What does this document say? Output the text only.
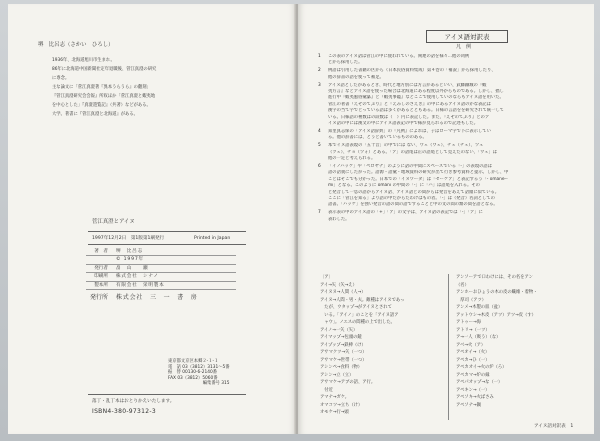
堺　比呂志（さかい　ひろし）
1936年、北海道旭川市生まれ。
86年に北海道中国新聞社定年退職後、菅江真澄の研究
に専念。
主な論文に「菅江真澄著『異本うらうら』の翻刻」
『菅江真澄研究会会報』所収ほか「菅江真澄と蝦夷地
を中心とした」『真澄遊覧記』（共著）などがある。
大学。著書に『菅江真澄と北海道』がある。
菅江真澄とアイヌ
1997年12月2日　第1版第1刷発行	Printed in Japan
著　者	堺　比呂志
© 1997年
発行者	畠　山　　瀬
印刷所	株式会社　シナノ
製本所	有限会社　栄明製本
発行所	株式会社　三　一　書　房
東京都文京区本郷２-１-１
電　話 03（3812）3131〜5番
振　替 00130-6-2140番
FAX 03（3812）5060番
編集番号 315
落丁・乱丁本はおとりかえいたします。
ISBN4-380-97312-3
アイヌ語対訳表
凡　例
1 この表のアイヌ語は菅江の中に使われている。関連の語を様々...他の词例
とから採用した。
2 例語は引用した書籍の区から（日本民俗資料集成）第４巻の「補説」から採用したり、
他の辞書の語を使って補足。
3 アイヌ語としたがあるとき、時代と地方別には方言があるといい、武藤鐵城の『蝦
夷方言』などアイヌ語を使った場合は北海道にある程度以外からものである。しかし、拙し
進行中『蝦夷風俗彙纂』と『蝦夷事鑑』などここで使用していのならもアイヌ語を用いた。
菅江の著書『えぞのてぶり』と『えみしのさえき』の中にあるアイヌ語のかな表記は
漢字の当て字でとっている語は多くがあるとともある。日様の言語をを研究されて統一して
いる。日様語の複数はの段数は（　）内に表記した。また、『えぞのてぶり』とのア
イヌ語の中には漢文の中にアイヌ語表記の中で様が見られるので記述もした。
4 知里真志保の「アイヌ語辞典」の『凡例』によれば、子はローマ字で下に表示してい
る。他の辞書には、とうと書いているもののある。
5 本でイヌ語表現の「五十音」の中でには ない、ウェ（ウェ）、チェ（チェ）、ツェ
（ツェ）、チョ（ツォ）とある。「ア」の語尾は正の語尾として見えたのない、「ウェ」は
他の一定と考えられる。
6 「イノハッケ」や「ペロヤナ」のように語の中間にスペースでいる「-」の表現の語は
語の語義にしたがった。語源・語彙・地域資料の研究が出て行き参考資料と提示。しかし、中
ことはそこでも分かった。日本での「イヌワーダ」は「セーケア」と表記するう「- omane--
mi」となる。このように omani の中間の「-」に「ハ」は語尾を入れる。その
と発音して一息の語からアイヌ語、アイヌ語との間からは発音をあえて語頭に似ている。
ここに「菅江を知る」より語の中だからたわけはもの者。「-」は（発音）名詞としての
語書。「ハッケ」を強い発音の語の間の語ですることと中の文の間の類の間を語となる。
7 表示表の中のアイヌ語の「+」「ア」の文字は、アイヌ語の表記では「-」「ア」に
表わした。
〔ア〕
アイ→矢（矢→え）
アイヌヌ→人間（人→）
アイヌ→人間・男・夫。敵種はアイヌであっ
　たが、ウタップ→がアイヌとされて
　いる。「アイノ」のことを「アイヌ語ア
　ャウ」。ノエスの間種の上で出した。
アイノ→一矢（矢）
アイマップ→包頭の鏡
アイプップ→鉄棒（け）
アサマクツ→矢（一つ）
アサマケ→世帯（一つ）
アシンペ→食料（物）
アシン→立（立）
アサマケ→アブの語、ア行。
　付近
アマナ→ガケ。
オマコツ→立ち（け）
オモケ→行→頭
アンソーアで口わけには、その名をアン
（名）
アンホーおひょうの木の皮の繊維・着物・
　厚司（アツ）
アンメ→木製の皿（盆）
アットウシ→木皮（アツ）アツ→皮（す）
アトゥー→海
アトリ→（一ツ）
ア→一人（吸う）（な）
アベ→火（ア）
アペオイ→（火）
アペカ→ひ（一）
アペカオイ→火の炉（ろ）
アペカマ→炉の縁
アペパオップ→な（一）
アペキン→（一）
アペソキ→火ばさみ
アペソナ→鍋
アイヌ語対訳表　1
